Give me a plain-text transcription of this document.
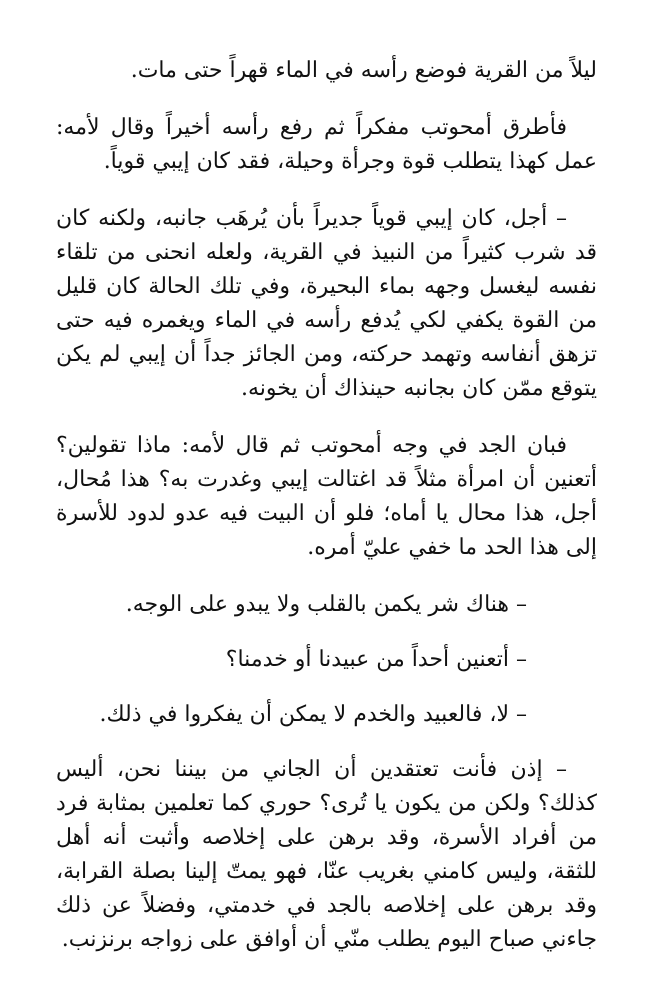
ليلاً من القرية فوضع رأسه في الماء قهراً حتى مات.

فأطرق أمحوتب مفكراً ثم رفع رأسه أخيراً وقال لأمه: عمل كهذا يتطلب قوة وجرأة وحيلة، فقد كان إيبي قوياً.

– أجل، كان إيبي قوياً جديراً بأن يُرهَب جانبه، ولكنه كان قد شرب كثيراً من النبيذ في القرية، ولعله انحنى من تلقاء نفسه ليغسل وجهه بماء البحيرة، وفي تلك الحالة كان قليل من القوة يكفي لكي يُدفع رأسه في الماء ويغمره فيه حتى تزهق أنفاسه وتهمد حركته، ومن الجائز جداً أن إيبي لم يكن يتوقع ممّن كان بجانبه حينذاك أن يخونه.

فبان الجد في وجه أمحوتب ثم قال لأمه: ماذا تقولين؟ أتعنين أن امرأة مثلاً قد اغتالت إيبي وغدرت به؟ هذا مُحال، أجل، هذا محال يا أماه؛ فلو أن البيت فيه عدو لدود للأسرة إلى هذا الحد ما خفي عليّ أمره.

– هناك شر يكمن بالقلب ولا يبدو على الوجه.

– أتعنين أحداً من عبيدنا أو خدمنا؟

– لا، فالعبيد والخدم لا يمكن أن يفكروا في ذلك.

– إذن فأنت تعتقدين أن الجاني من بيننا نحن، أليس كذلك؟ ولكن من يكون يا تُرى؟ حوري كما تعلمين بمثابة فرد من أفراد الأسرة، وقد برهن على إخلاصه وأثبت أنه أهل للثقة، وليس كامني بغريب عنّا، فهو يمتّ إلينا بصلة القرابة، وقد برهن على إخلاصه بالجد في خدمتي، وفضلاً عن ذلك جاءني صباح اليوم يطلب منّي أن أوافق على زواجه برنزنب.
